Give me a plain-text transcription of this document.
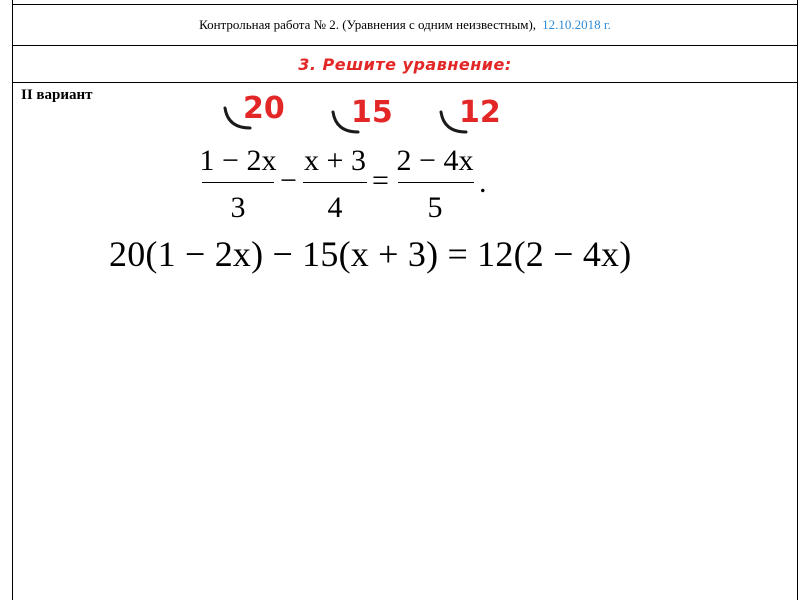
Контрольная работа № 2. (Уравнения с одним неизвестным), 12.10.2018 г.
3. Решите уравнение:
II вариант	20 15 12
1 − 2x
3
−
x + 3
4
=
2 − 4x
5
.
20(1 − 2x) − 15(x + 3) = 12(2 − 4x)
